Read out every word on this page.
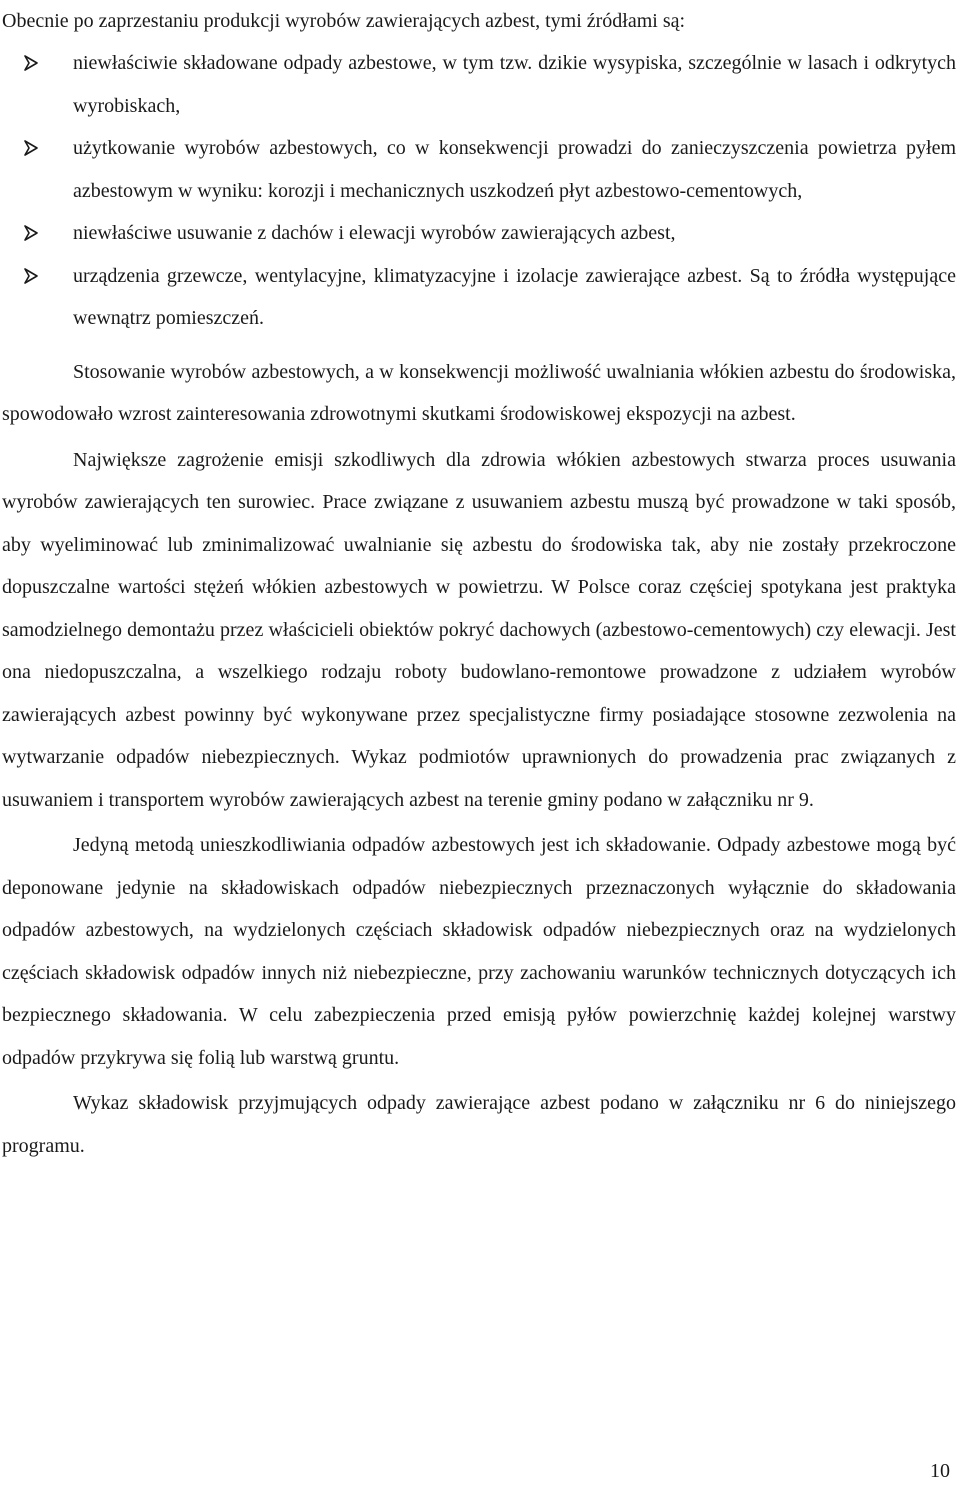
Obecnie po zaprzestaniu produkcji wyrobów zawierających azbest, tymi źródłami są:

niewłaściwie składowane odpady azbestowe, w tym tzw. dzikie wysypiska, szczególnie w lasach i odkrytych wyrobiskach,
użytkowanie wyrobów azbestowych, co w konsekwencji prowadzi do zanieczyszczenia powietrza pyłem azbestowym w wyniku: korozji i mechanicznych uszkodzeń płyt azbestowo-cementowych,
niewłaściwe usuwanie z dachów i elewacji wyrobów zawierających azbest,
urządzenia grzewcze, wentylacyjne, klimatyzacyjne i izolacje zawierające azbest. Są to źródła występujące wewnątrz pomieszczeń.

Stosowanie wyrobów azbestowych, a w konsekwencji możliwość uwalniania włókien azbestu do środowiska, spowodowało wzrost zainteresowania zdrowotnymi skutkami środowiskowej ekspozycji na azbest.

Największe zagrożenie emisji szkodliwych dla zdrowia włókien azbestowych stwarza proces usuwania wyrobów zawierających ten surowiec. Prace związane z usuwaniem azbestu muszą być prowadzone w taki sposób, aby wyeliminować lub zminimalizować uwalnianie się azbestu do środowiska tak, aby nie zostały przekroczone dopuszczalne wartości stężeń włókien azbestowych w powietrzu. W Polsce coraz częściej spotykana jest praktyka samodzielnego demontażu przez właścicieli obiektów pokryć dachowych (azbestowo-cementowych) czy elewacji. Jest ona niedopuszczalna, a wszelkiego rodzaju roboty budowlano-remontowe prowadzone z udziałem wyrobów zawierających azbest powinny być wykonywane przez specjalistyczne firmy posiadające stosowne zezwolenia na wytwarzanie odpadów niebezpiecznych. Wykaz podmiotów uprawnionych do prowadzenia prac związanych z usuwaniem i transportem wyrobów zawierających azbest na terenie gminy podano w załączniku nr 9.

Jedyną metodą unieszkodliwiania odpadów azbestowych jest ich składowanie. Odpady azbestowe mogą być deponowane jedynie na składowiskach odpadów niebezpiecznych przeznaczonych wyłącznie do składowania odpadów azbestowych, na wydzielonych częściach składowisk odpadów niebezpiecznych oraz na wydzielonych częściach składowisk odpadów innych niż niebezpieczne, przy zachowaniu warunków technicznych dotyczących ich bezpiecznego składowania. W celu zabezpieczenia przed emisją pyłów powierzchnię każdej kolejnej warstwy odpadów przykrywa się folią lub warstwą gruntu.

Wykaz składowisk przyjmujących odpady zawierające azbest podano w załączniku nr 6 do niniejszego programu.

10
